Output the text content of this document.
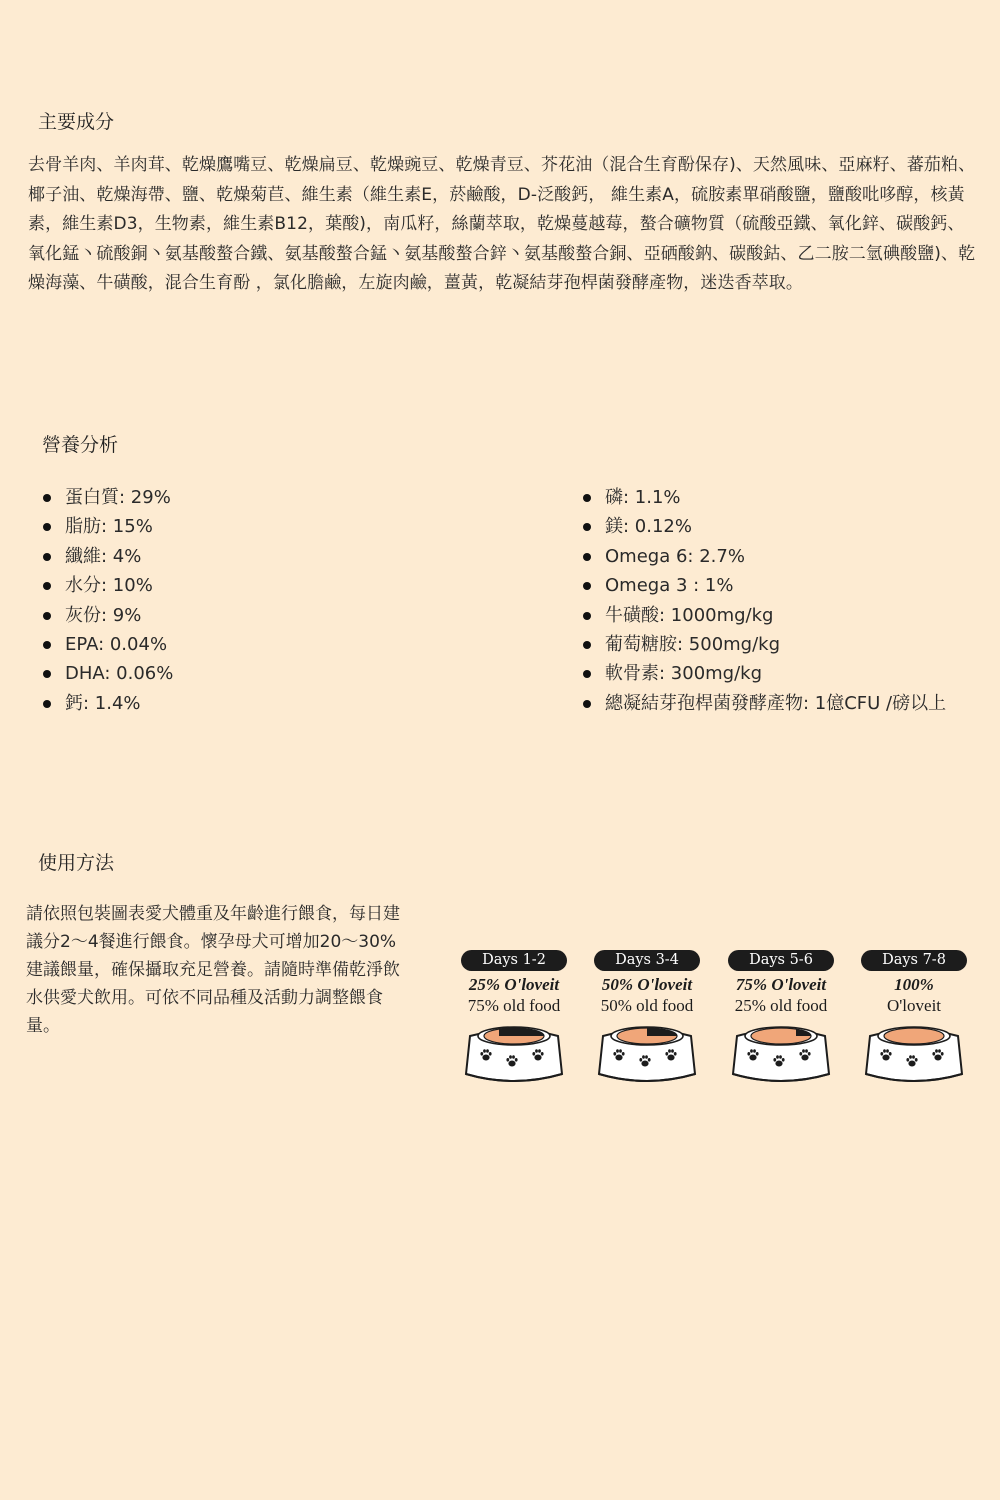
主要成分

去骨羊肉、羊肉茸、乾燥鷹嘴豆、乾燥扁豆、乾燥豌豆、乾燥青豆、芥花油（混合生育酚保存)、天然風味、亞麻籽、蕃茄粕、椰子油、乾燥海帶、鹽、乾燥菊苣、維生素（維生素E，菸鹼酸，D-泛酸鈣， 維生素A，硫胺素單硝酸鹽，鹽酸吡哆醇，核黃素，維生素D3，生物素，維生素B12，葉酸)，南瓜籽，絲蘭萃取，乾燥蔓越莓，螯合礦物質（硫酸亞鐵、氧化鋅、碳酸鈣、氧化錳丶硫酸銅丶氨基酸螯合鐵、氨基酸螯合錳丶氨基酸螯合鋅丶氨基酸螯合銅、亞硒酸鈉、碳酸鈷、乙二胺二氫碘酸鹽)、乾燥海藻、牛磺酸，混合生育酚 ，氯化膽鹼，左旋肉鹼，薑黃，乾凝結芽孢桿菌發酵產物，迷迭香萃取。

營養分析
蛋白質: 29%
脂肪: 15%
纖維: 4%
水分: 10%
灰份: 9%
EPA: 0.04%
DHA: 0.06%
鈣: 1.4%
磷: 1.1%
鎂: 0.12%
Omega 6: 2.7%
Omega 3 : 1%
牛磺酸: 1000mg/kg
葡萄糖胺: 500mg/kg
軟骨素: 300mg/kg
總凝結芽孢桿菌發酵產物: 1億CFU /磅以上
使用方法

請依照包裝圖表愛犬體重及年齡進行餵食，每日建議分2～4餐進行餵食。懷孕母犬可增加20～30%建議餵量，確保攝取充足營養。請隨時準備乾淨飲水供愛犬飲用。可依不同品種及活動力調整餵食量。

Days 1-2
25% O'loveit
75% old food
Days 3-4
50% O'loveit
50% old food
Days 5-6
75% O'loveit
25% old food
Days 7-8
100%
O'loveit
